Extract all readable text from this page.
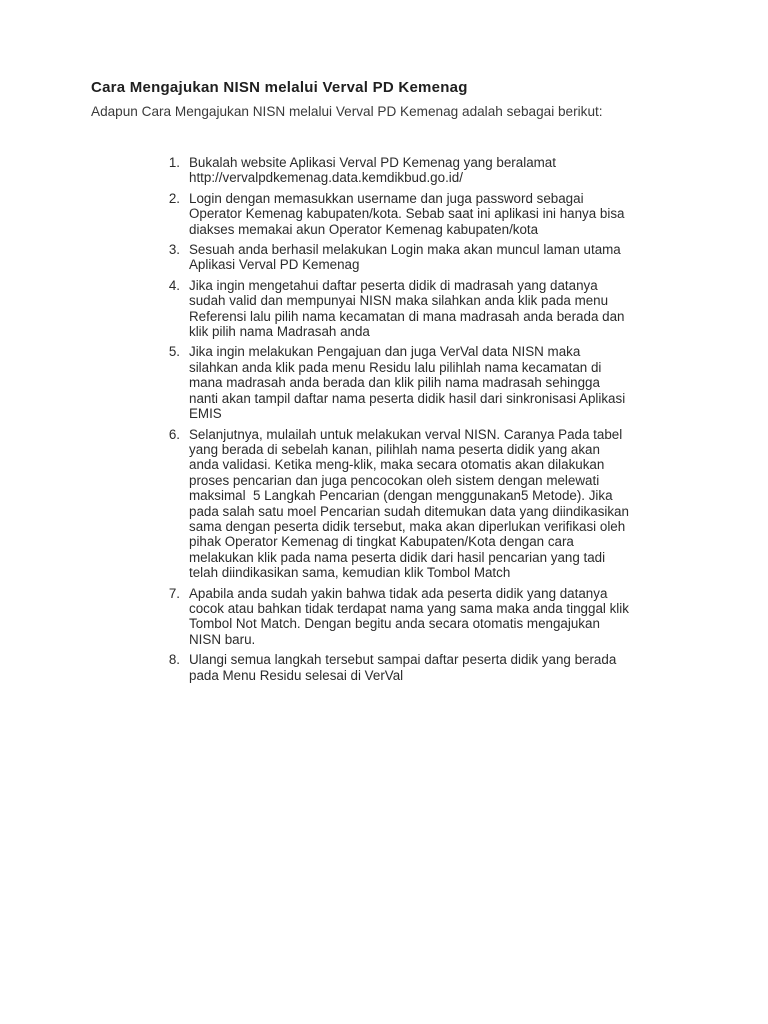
Cara Mengajukan NISN melalui Verval PD Kemenag
Adapun Cara Mengajukan NISN melalui Verval PD Kemenag adalah sebagai berikut:
1 . Bukalah website Aplikasi Verval PD Kemenag yang beralamat
http://vervalpdkemenag.data.kemdikbud.go.id/
2 . Login dengan memasukkan username dan juga password sebagai
Operator Kemenag kabupaten/kota. Sebab saat ini aplikasi ini hanya bisa
diakses memakai akun Operator Kemenag kabupaten/kota
3 . Sesuah anda berhasil melakukan Login maka akan muncul laman utama
Aplikasi Verval PD Kemenag
4 . Jika ingin mengetahui daftar peserta didik di madrasah yang datanya
sudah valid dan mempunyai NISN maka silahkan anda klik pada menu
Referensi lalu pilih nama kecamatan di mana madrasah anda berada dan
klik pilih nama Madrasah anda
5 . Jika ingin melakukan Pengajuan dan juga VerVal data NISN maka
silahkan anda klik pada menu Residu lalu pilihlah nama kecamatan di
mana madrasah anda berada dan klik pilih nama madrasah sehingga
nanti akan tampil daftar nama peserta didik hasil dari sinkronisasi Aplikasi
EMIS
6 . Selanjutnya, mulailah untuk melakukan verval NISN. Caranya Pada tabel
yang berada di sebelah kanan, pilihlah nama peserta didik yang akan
anda validasi. Ketika meng-klik, maka secara otomatis akan dilakukan
proses pencarian dan juga pencocokan oleh sistem dengan melewati
maksimal  5 Langkah Pencarian (dengan menggunakan5 Metode). Jika
pada salah satu moel Pencarian sudah ditemukan data yang diindikasikan
sama dengan peserta didik tersebut, maka akan diperlukan verifikasi oleh
pihak Operator Kemenag di tingkat Kabupaten/Kota dengan cara
melakukan klik pada nama peserta didik dari hasil pencarian yang tadi
telah diindikasikan sama, kemudian klik Tombol Match
7 . Apabila anda sudah yakin bahwa tidak ada peserta didik yang datanya
cocok atau bahkan tidak terdapat nama yang sama maka anda tinggal klik
Tombol Not Match. Dengan begitu anda secara otomatis mengajukan
NISN baru.
8 . Ulangi semua langkah tersebut sampai daftar peserta didik yang berada
pada Menu Residu selesai di VerVal
